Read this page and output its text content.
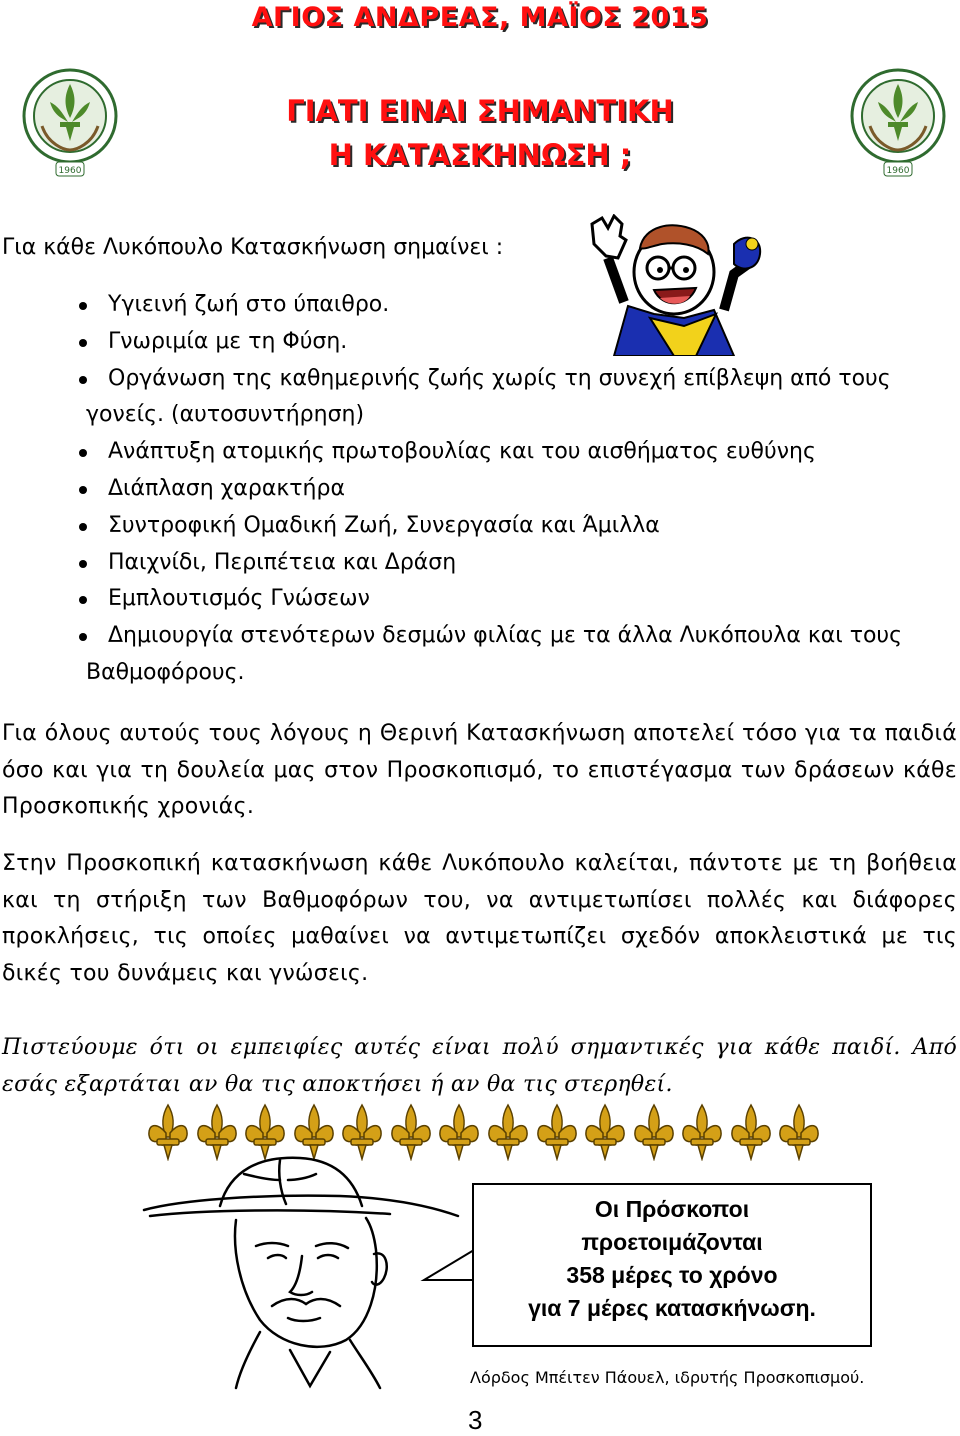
ΑΓΙΟΣ ΑΝΔΡΕΑΣ, ΜΑΪΟΣ 2015
1960	1960
ΓΙΑΤΙ ΕΙΝΑΙ ΣΗΜΑΝΤΙΚΗ
Η ΚΑΤΑΣΚΗΝΩΣΗ ;
Για κάθε Λυκόπουλο Κατασκήνωση σημαίνει :
Υγιεινή ζωή στο ύπαιθρο.
Γνωριμία με τη Φύση.
Οργάνωση της καθημερινής ζωής χωρίς τη συνεχή επίβλεψη από τους
γονείς. (αυτοσυντήρηση)
Ανάπτυξη ατομικής πρωτοβουλίας και του αισθήματος ευθύνης
Διάπλαση χαρακτήρα
Συντροφική Ομαδική Ζωή, Συνεργασία και Άμιλλα
Παιχνίδι, Περιπέτεια και Δράση
Εμπλουτισμός Γνώσεων
Δημιουργία στενότερων δεσμών φιλίας με τα άλλα Λυκόπουλα και τους
Βαθμοφόρους.
Για όλους αυτούς τους λόγους η Θερινή Κατασκήνωση αποτελεί τόσο για τα παιδιά όσο και για τη δουλεία μας στον Προσκοπισμό, το επιστέγασμα των δράσεων κάθε Προσκοπικής χρονιάς.
Στην Προσκοπική κατασκήνωση κάθε Λυκόπουλο καλείται, πάντοτε με τη βοήθεια και τη στήριξη των Βαθμοφόρων του, να αντιμετωπίσει πολλές και διάφορες προκλήσεις, τις οποίες μαθαίνει να αντιμετωπίζει σχεδόν αποκλειστικά με τις δικές του δυνάμεις και γνώσεις.
Πιστεύουμε ότι οι εμπειφίες αυτές είναι πολύ σημαντικές για κάθε παιδί. Από εσάς εξαρτάται αν θα τις αποκτήσει ή αν θα τις στερηθεί.
Οι Πρόσκοποι
προετοιμάζονται
358 μέρες το χρόνο
για 7 μέρες κατασκήνωση.
Λόρδος Μπέιτεν Πάουελ, ιδρυτής Προσκοπισμού.
3
